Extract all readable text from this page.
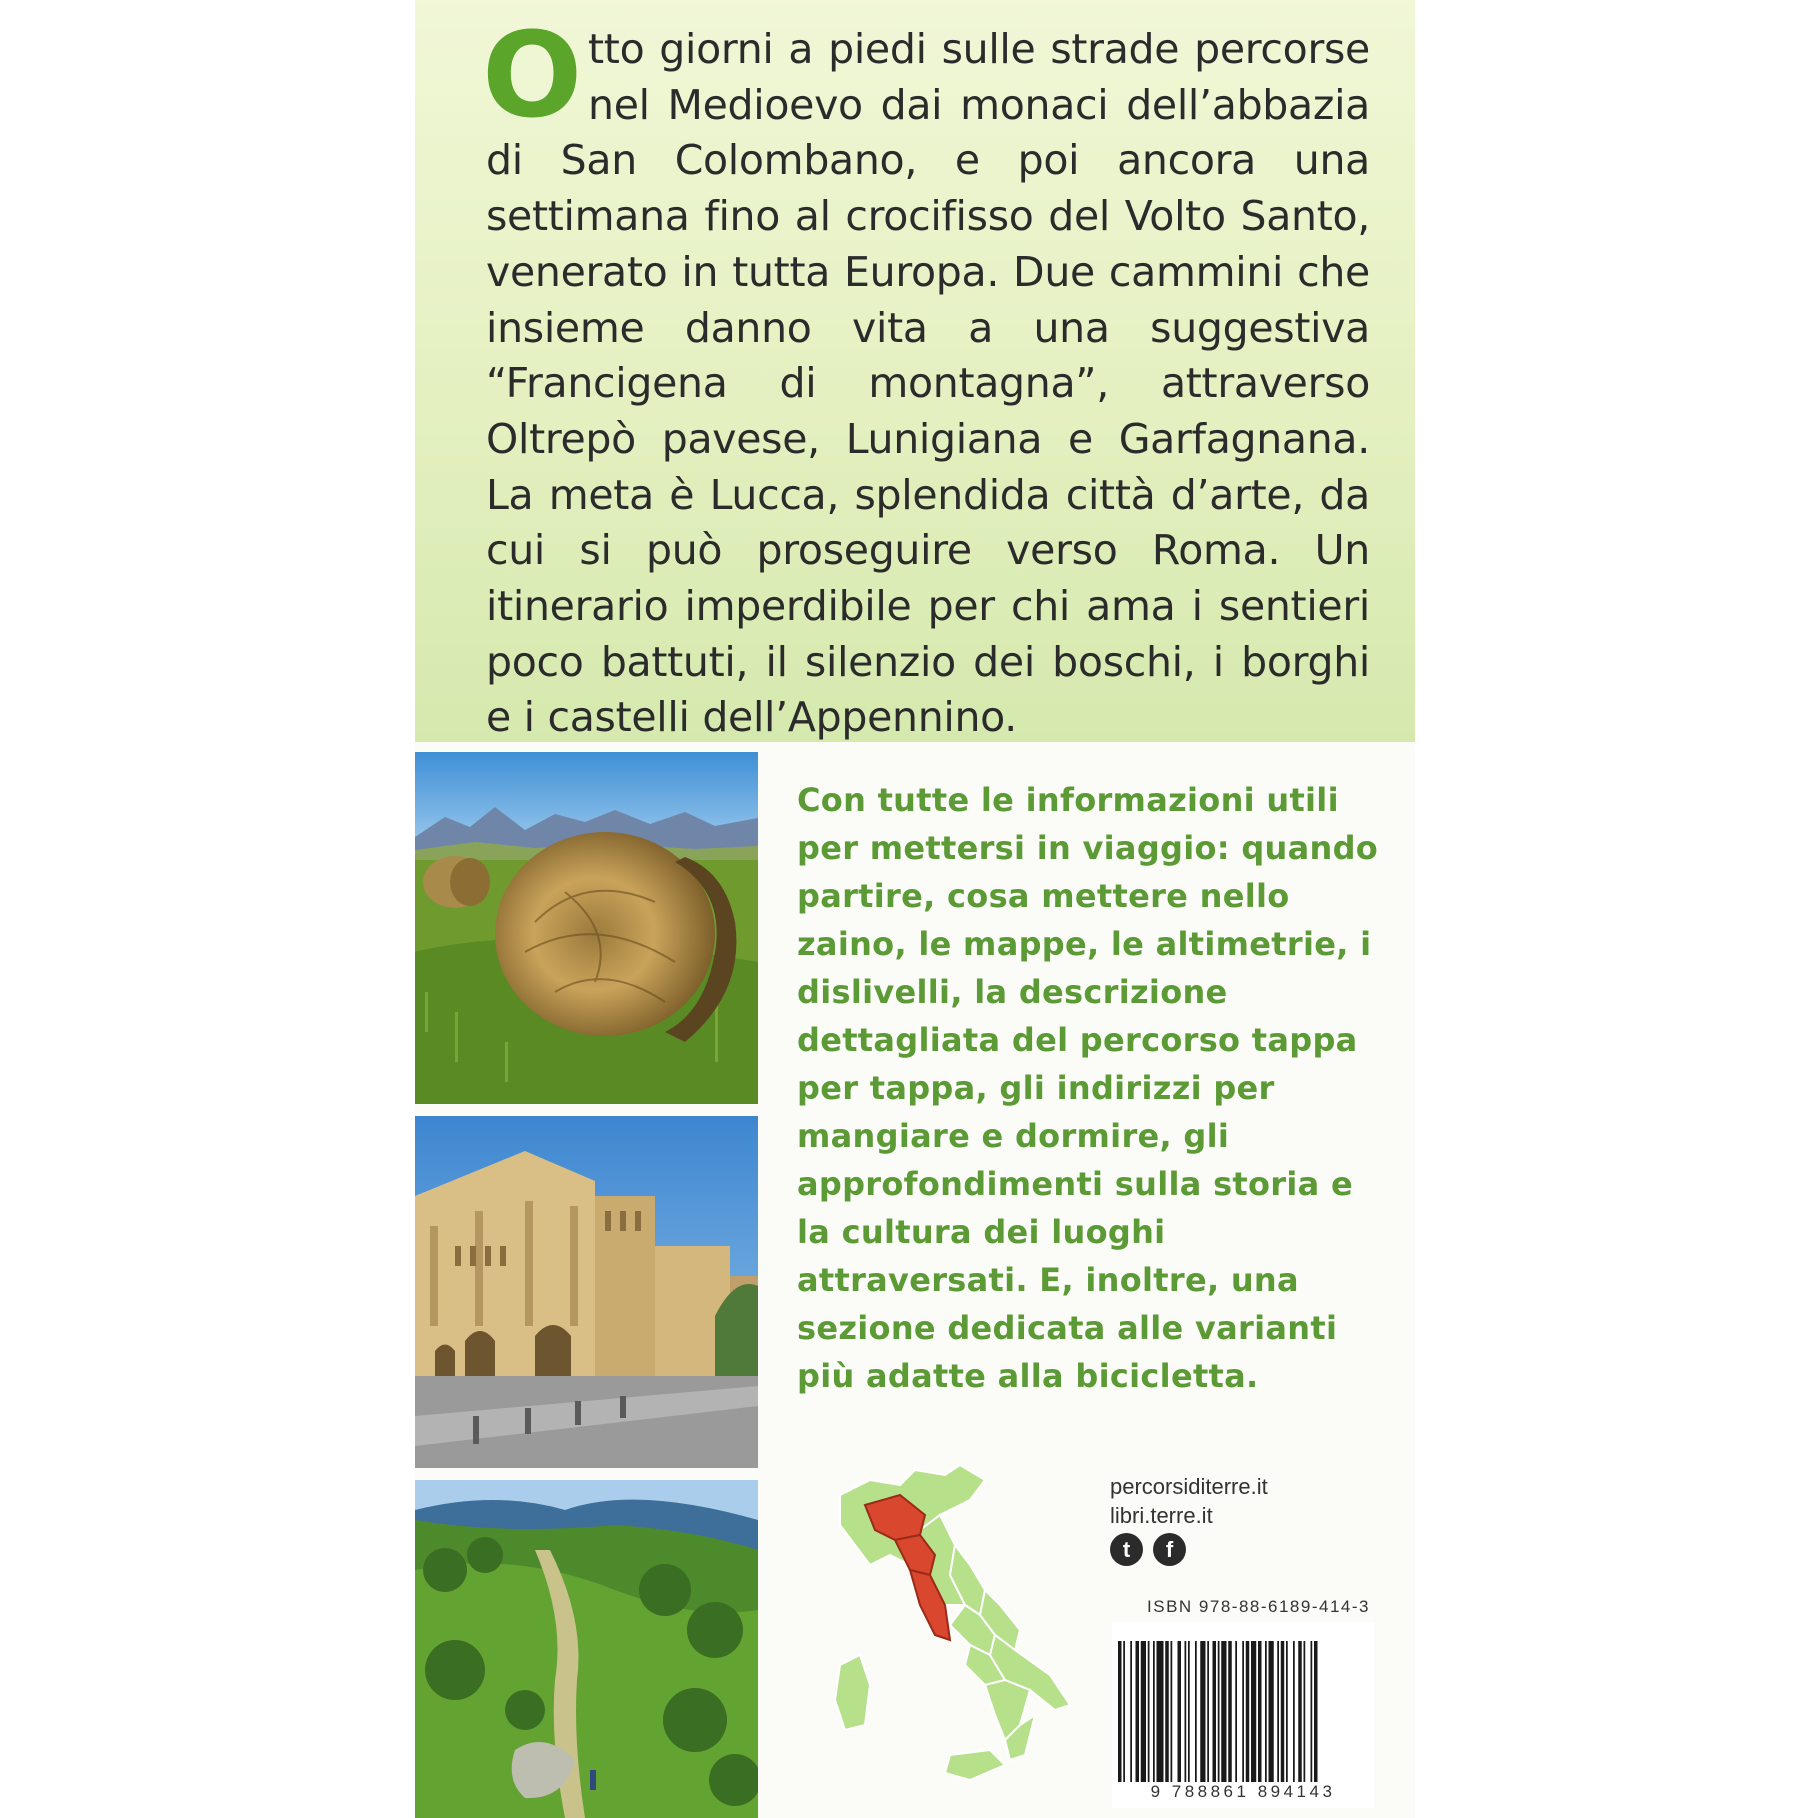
O tto giorni a piedi sulle strade percorse nel Medioevo dai monaci dell’abbazia di San Colombano, e poi ancora una settimana fino al crocifisso del Volto Santo, venerato in tutta Europa. Due cammini che insieme danno vita a una suggestiva “Francigena di montagna”, attraverso Oltrepò pavese, Lunigiana e Garfagnana. La meta è Lucca, splendida città d’arte, da cui si può proseguire verso Roma. Un itinerario imperdibile per chi ama i sentieri poco battuti, il silenzio dei boschi, i borghi e i castelli dell’Appennino.
Con tutte le informazioni utili per mettersi in viaggio: quando partire, cosa mettere nello zaino, le mappe, le altimetrie, i dislivelli, la descrizione dettagliata del percorso tappa per tappa, gli indirizzi per mangiare e dormire, gli approfondimenti sulla storia e la cultura dei luoghi attraversati. E, inoltre, una sezione dedicata alle varianti più adatte alla bicicletta.
percorsiditerre.it
libri.terre.it
t	f
ISBN 978-88-6189-414-3
9 788861 894143
